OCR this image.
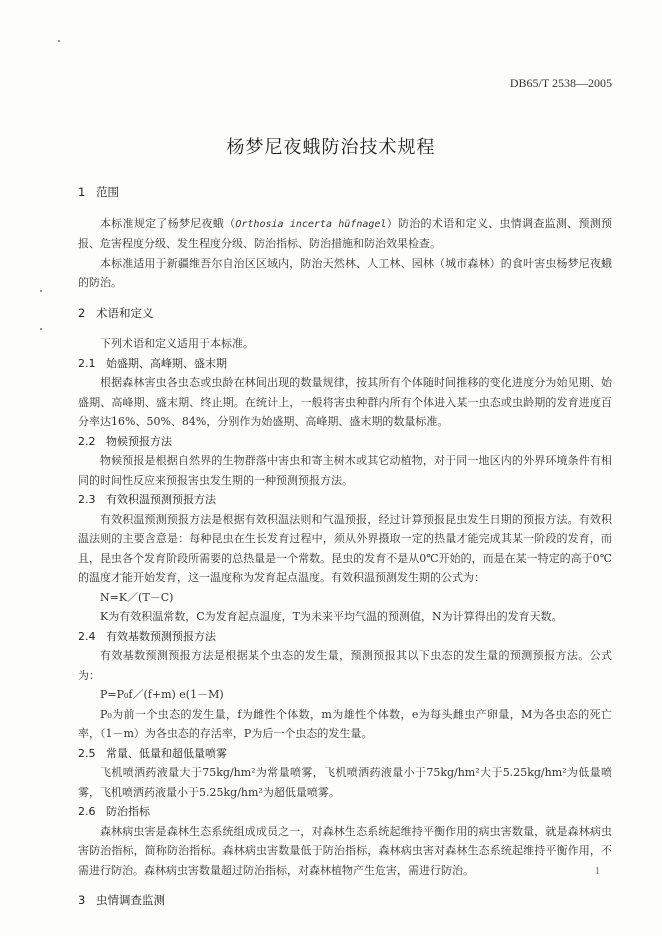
DB65/T 2538—2005
杨梦尼夜蛾防治技术规程

1 范围

本标准规定了杨梦尼夜蛾（Orthosia incerta hüfnagel）防治的术语和定义、虫情调查监测、预测预报、危害程度分级、发生程度分级、防治指标、防治措施和防治效果检查。

本标准适用于新疆维吾尔自治区区域内，防治天然林、人工林、园林（城市森林）的食叶害虫杨梦尼夜蛾的防治。

2 术语和定义

下列术语和定义适用于本标准。

2.1 始盛期、高峰期、盛末期

根据森林害虫各虫态或虫龄在林间出现的数量规律，按其所有个体随时间推移的变化进度分为始见期、始盛期、高峰期、盛末期、终止期。在统计上，一般将害虫种群内所有个体进入某一虫态或虫龄期的发育进度百分率达16%、50%、84%，分别作为始盛期、高峰期、盛末期的数量标准。

2.2 物候预报方法

物候预报是根据自然界的生物群落中害虫和寄主树木或其它动植物，对于同一地区内的外界环境条件有相同的时间性反应来预报害虫发生期的一种预测预报方法。

2.3 有效积温预测预报方法

有效积温预测预报方法是根据有效积温法则和气温预报，经过计算预报昆虫发生日期的预报方法。有效积温法则的主要含意是：每种昆虫在生长发育过程中，须从外界摄取一定的热量才能完成其某一阶段的发育，而且，昆虫各个发育阶段所需要的总热量是一个常数。昆虫的发育不是从0℃开始的，而是在某一特定的高于0℃的温度才能开始发育，这一温度称为发育起点温度。有效积温预测发生期的公式为：

N=K／(T－C)

K为有效积温常数，C为发育起点温度，T为未来平均气温的预测值，N为计算得出的发育天数。

2.4 有效基数预测预报方法

有效基数预测预报方法是根据某个虫态的发生量，预测预报其以下虫态的发生量的预测预报方法。公式为：

P=P₀f／(f+m) e(1－M)

P₀为前一个虫态的发生量，f为雌性个体数，m为雄性个体数，e为每头雌虫产卵量，M为各虫态的死亡率，（1－m）为各虫态的存活率，P为后一个虫态的发生量。

2.5 常量、低量和超低量喷雾

飞机喷洒药液量大于75kg/hm²为常量喷雾，飞机喷洒药液量小于75kg/hm²大于5.25kg/hm²为低量喷雾，飞机喷洒药液量小于5.25kg/hm²为超低量喷雾。

2.6 防治指标

森林病虫害是森林生态系统组成成员之一，对森林生态系统起维持平衡作用的病虫害数量，就是森林病虫害防治指标，简称防治指标。森林病虫害数量低于防治指标，森林病虫害对森林生态系统起维持平衡作用，不需进行防治。森林病虫害数量超过防治指标，对森林植物产生危害，需进行防治。

3 虫情调查监测

1
